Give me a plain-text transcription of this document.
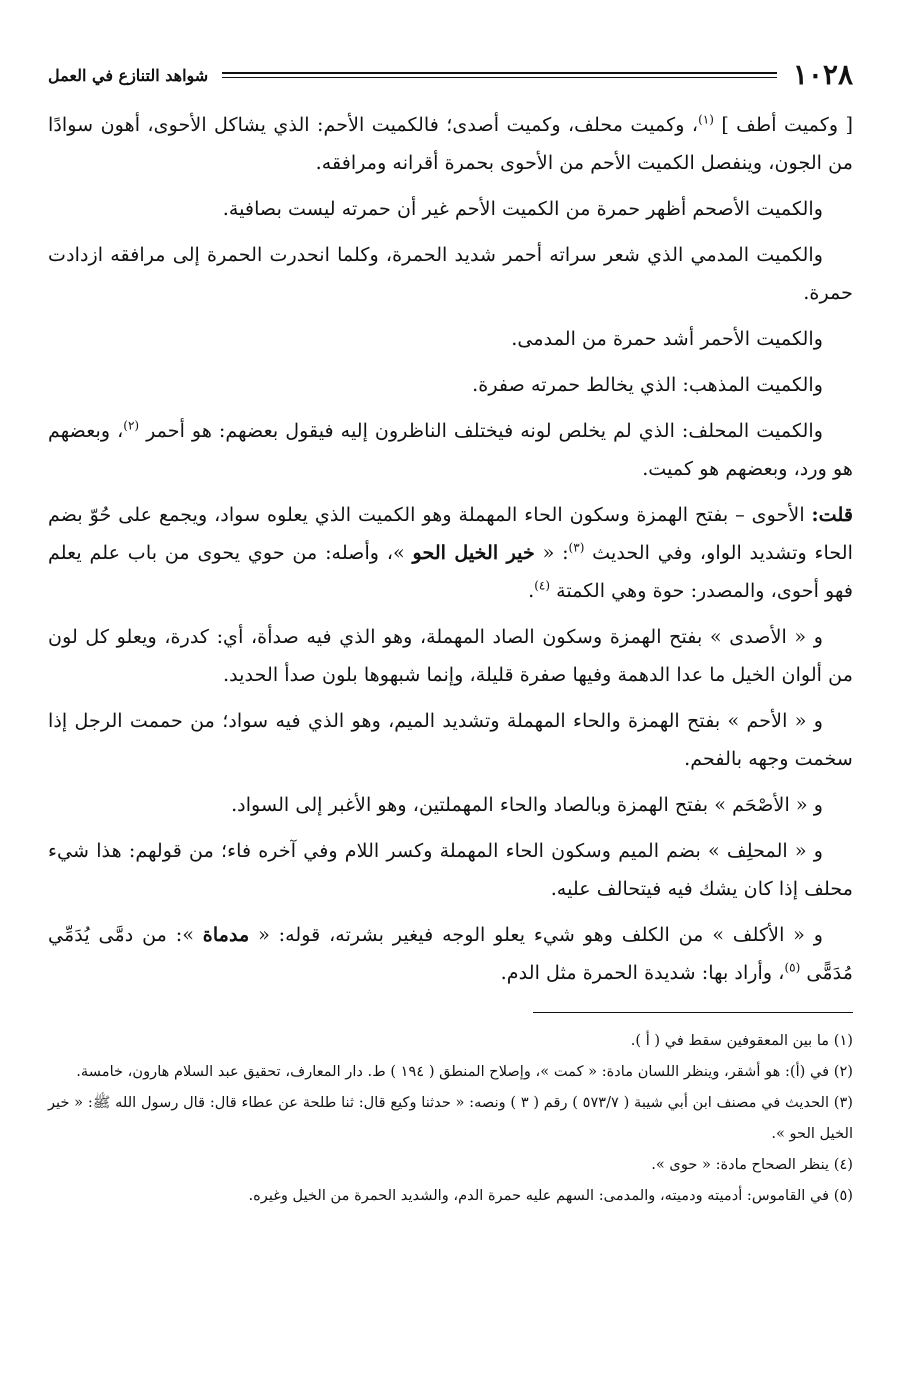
١٠٢٨
شواهد التنازع في العمل

[ وكميت أطف ] $^{(١)}$، وكميت محلف، وكميت أصدى؛ فالكميت الأحم: الذي يشاكل الأحوى، أهون سوادًا من الجون، وينفصل الكميت الأحم من الأحوى بحمرة أقرانه ومرافقه.

والكميت الأصحم أظهر حمرة من الكميت الأحم غير أن حمرته ليست بصافية.

والكميت المدمي الذي شعر سراته أحمر شديد الحمرة، وكلما انحدرت الحمرة إلى مرافقه ازدادت حمرة.

والكميت الأحمر أشد حمرة من المدمى.

والكميت المذهب: الذي يخالط حمرته صفرة.

والكميت المحلف: الذي لم يخلص لونه فيختلف الناظرون إليه فيقول بعضهم: هو أحمر $^{(٢)}$، وبعضهم هو ورد، وبعضهم هو كميت.

قلت: الأحوى – بفتح الهمزة وسكون الحاء المهملة وهو الكميت الذي يعلوه سواد، ويجمع على حُوّ بضم الحاء وتشديد الواو، وفي الحديث $^{(٣)}$: « خير الخيل الحو »، وأصله: من حوي يحوى من باب علم يعلم فهو أحوى، والمصدر: حوة وهي الكمتة $^{(٤)}$.

و « الأصدى » بفتح الهمزة وسكون الصاد المهملة، وهو الذي فيه صدأة، أي: كدرة، ويعلو كل لون من ألوان الخيل ما عدا الدهمة وفيها صفرة قليلة، وإنما شبهوها بلون صدأ الحديد.

و « الأحم » بفتح الهمزة والحاء المهملة وتشديد الميم، وهو الذي فيه سواد؛ من حممت الرجل إذا سخمت وجهه بالفحم.

و « الأصْحَم » بفتح الهمزة وبالصاد والحاء المهملتين، وهو الأغبر إلى السواد.

و « المحلِف » بضم الميم وسكون الحاء المهملة وكسر اللام وفي آخره فاء؛ من قولهم: هذا شيء محلف إذا كان يشك فيه فيتحالف عليه.

و « الأكلف » من الكلف وهو شيء يعلو الوجه فيغير بشرته، قوله: « مدماة »: من دمَّى يُدَمِّي مُدَمًّى $^{(٥)}$، وأراد بها: شديدة الحمرة مثل الدم.

(١) ما بين المعقوفين سقط في ( أ ).

(٢) في (أ): هو أشقر، وينظر اللسان مادة: « كمت »، وإصلاح المنطق ( ١٩٤ ) ط. دار المعارف، تحقيق عبد السلام هارون، خامسة.

(٣) الحديث في مصنف ابن أبي شيبة ( ٥٧٣/٧ ) رقم ( ٣ ) ونصه: « حدثنا وكيع قال: ثنا طلحة عن عطاء قال: قال رسول الله ﷺ: « خير الخيل الحو ».

(٤) ينظر الصحاح مادة: « حوى ».

(٥) في القاموس: أدميته ودميته، والمدمى: السهم عليه حمرة الدم، والشديد الحمرة من الخيل وغيره.
